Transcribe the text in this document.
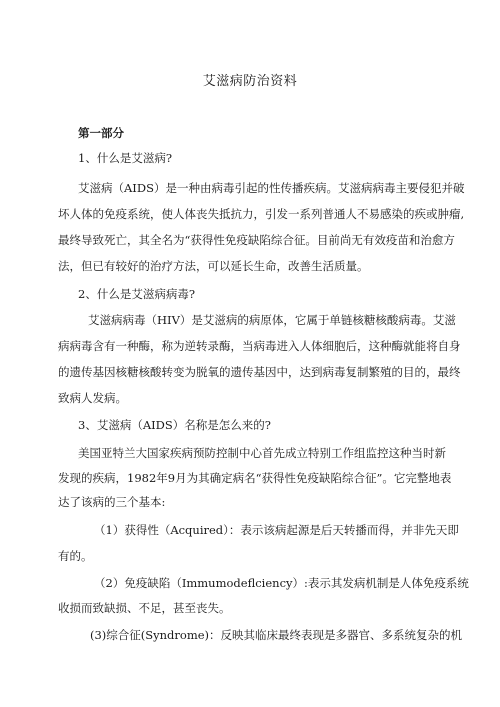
艾滋病防治资料
第一部分
1、什么是艾滋病?
艾滋病（AIDS）是一种由病毒引起的性传播疾病。艾滋病病毒主要侵犯并破
坏人体的免疫系统，使人体丧失抵抗力，引发一系列普通人不易感染的疾或肿瘤,
最终导致死亡，其全名为“获得性免疫缺陷综合征。目前尚无有效疫苗和治愈方
法，但已有较好的治疗方法，可以延长生命，改善生活质量。
2、什么是艾滋病病毒?
艾滋病病毒（HIV）是艾滋病的病原体，它属于单链核糖核酸病毒。艾滋
病病毒含有一种酶，称为逆转录酶，当病毒进入人体细胞后，这种酶就能将自身
的遗传基因核糖核酸转变为脱氧的遗传基因中，达到病毒复制繁殖的目的，最终
致病人发病。
3、艾滋病（AIDS）名称是怎么来的?
美国亚特兰大国家疾病预防控制中心首先成立特别工作组监控这种当时新
发现的疾病，1982年9月为其确定病名“获得性免疫缺陷综合征”。它完整地表
达了该病的三个基本:
（1）获得性（Acquired）：表示该病起源是后天转播而得，并非先天即
有的。
（2）免疫缺陷（Immumodeflciency）:表示其发病机制是人体免疫系统
收损而致缺损、不足，甚至丧失。
(3)综合征(Syndrome)：反映其临床最终表现是多器官、多系统复杂的机
